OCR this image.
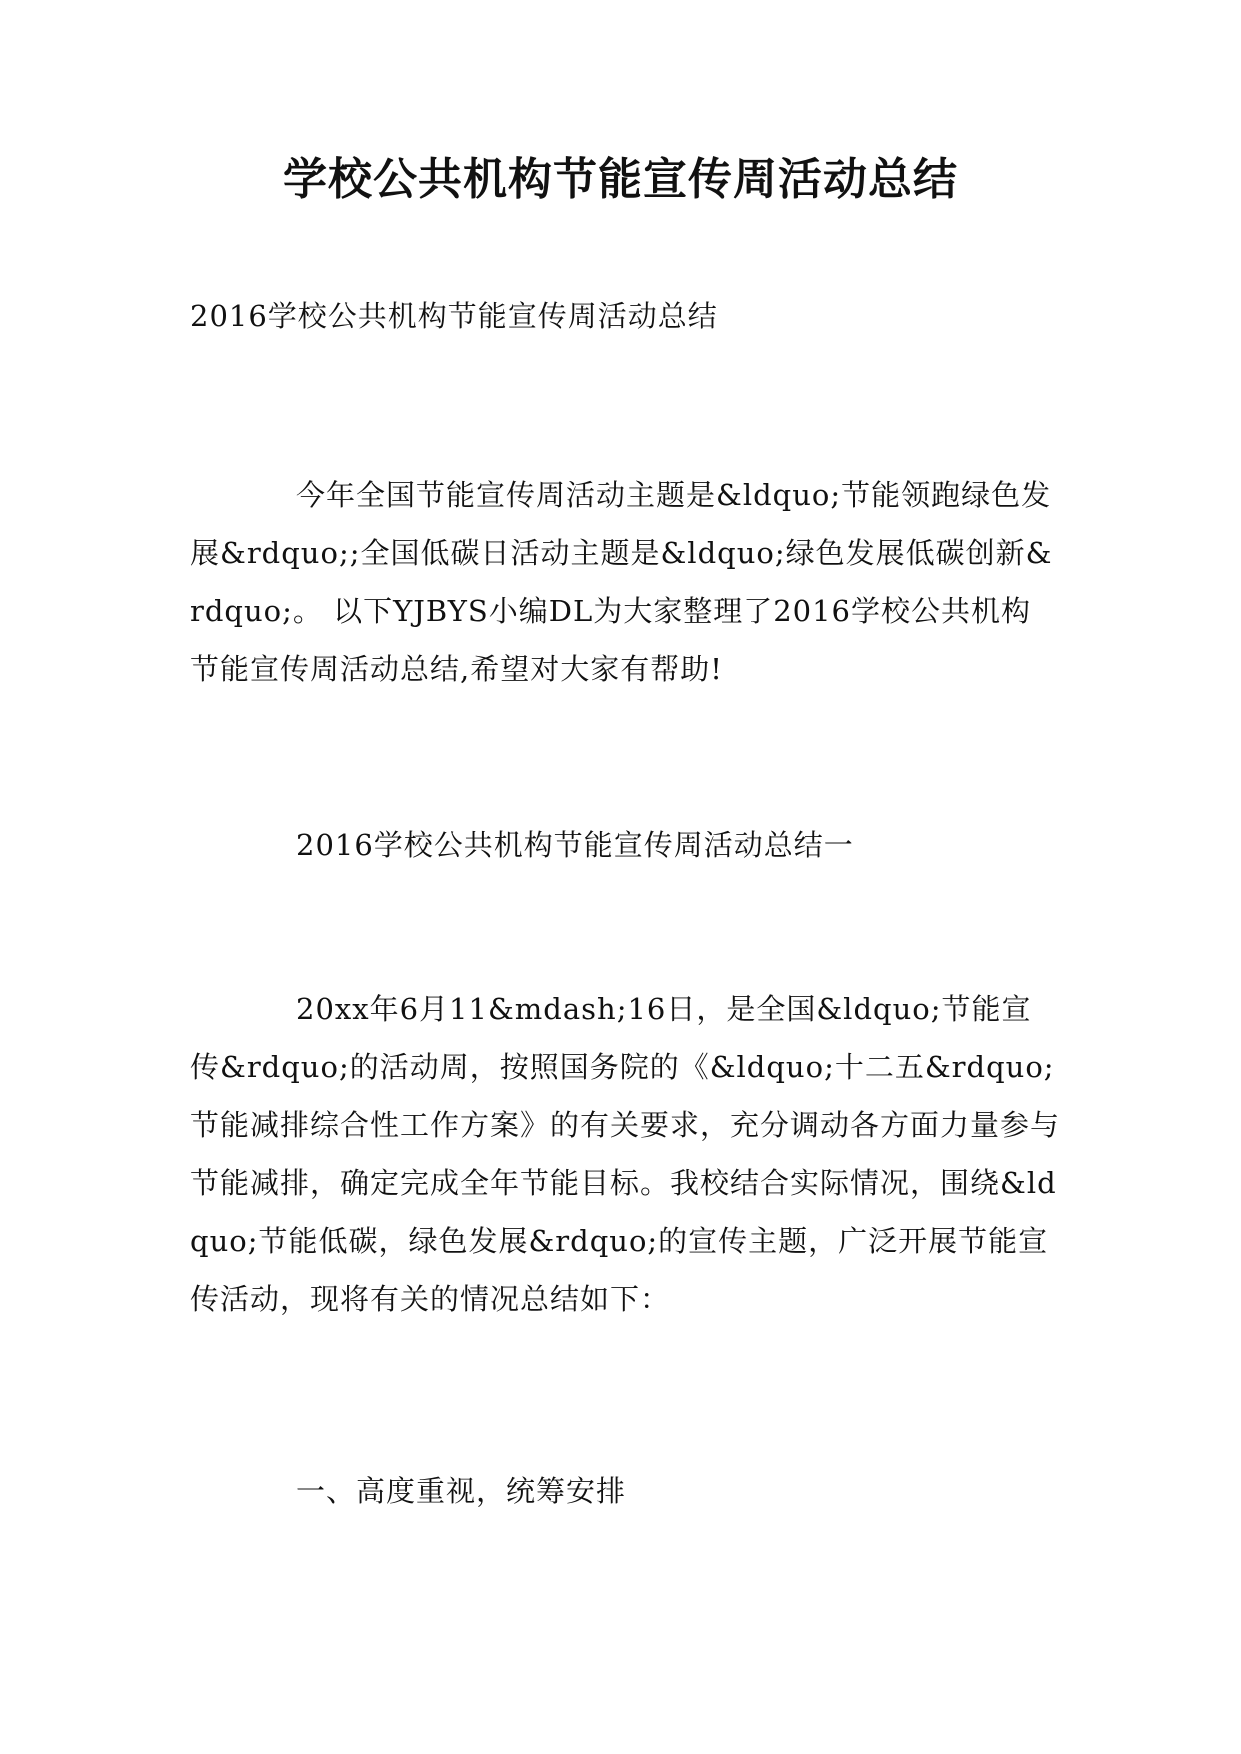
学校公共机构节能宣传周活动总结

2016学校公共机构节能宣传周活动总结

今年全国节能宣传周活动主题是&ldquo;节能领跑绿色发展&rdquo;;全国低碳日活动主题是&ldquo;绿色发展低碳创新&rdquo;。 以下YJBYS小编DL为大家整理了2016学校公共机构节能宣传周活动总结,希望对大家有帮助!

2016学校公共机构节能宣传周活动总结一

20xx年6月11&mdash;16日，是全国&ldquo;节能宣传&rdquo;的活动周，按照国务院的《&ldquo;十二五&rdquo;节能减排综合性工作方案》的有关要求，充分调动各方面力量参与节能减排，确定完成全年节能目标。我校结合实际情况，围绕&ldquo;节能低碳，绿色发展&rdquo;的宣传主题，广泛开展节能宣传活动，现将有关的情况总结如下：

一、高度重视，统筹安排
